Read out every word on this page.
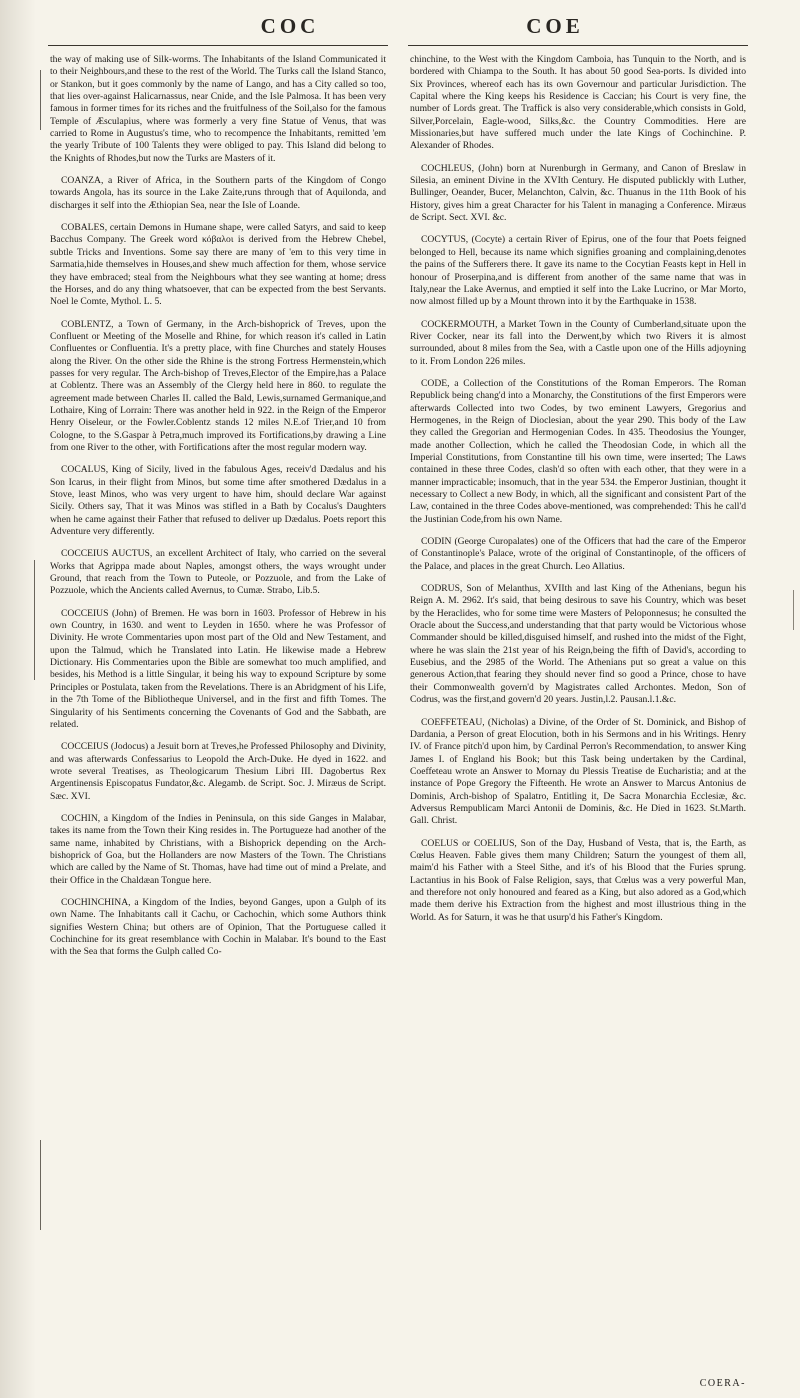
COC	COE

the way of making use of Silk-worms. The Inhabitants of the Island Communicated it to their Neighbours,and these to the rest of the World. The Turks call the Island Stanco, or Stankon, but it goes commonly by the name of Lango, and has a City called so too, that lies over-against Halicarnassus, near Cnide, and the Isle Palmosa. It has been very famous in former times for its riches and the fruitfulness of the Soil,also for the famous Temple of Æsculapius, where was formerly a very fine Statue of Venus, that was carried to Rome in Augustus's time, who to recompence the Inhabitants, remitted 'em the yearly Tribute of 100 Talents they were obliged to pay. This Island did belong to the Knights of Rhodes,but now the Turks are Masters of it.

COANZA, a River of Africa, in the Southern parts of the Kingdom of Congo towards Angola, has its source in the Lake Zaite,runs through that of Aquilonda, and discharges it self into the Æthiopian Sea, near the Isle of Loande.

COBALES, certain Demons in Humane shape, were called Satyrs, and said to keep Bacchus Company. The Greek word κόβαλοι is derived from the Hebrew Chebel, subtle Tricks and Inventions. Some say there are many of 'em to this very time in Sarmatia,hide themselves in Houses,and shew much affection for them, whose service they have embraced; steal from the Neighbours what they see wanting at home; dress the Horses, and do any thing whatsoever, that can be expected from the best Servants. Noel le Comte, Mythol. L. 5.

COBLENTZ, a Town of Germany, in the Arch-bishoprick of Treves, upon the Confluent or Meeting of the Moselle and Rhine, for which reason it's called in Latin Confluentes or Confluentia. It's a pretty place, with fine Churches and stately Houses along the River. On the other side the Rhine is the strong Fortress Hermenstein,which passes for very regular. The Arch-bishop of Treves,Elector of the Empire,has a Palace at Coblentz. There was an Assembly of the Clergy held here in 860. to regulate the agreement made between Charles II. called the Bald, Lewis,surnamed Germanique,and Lothaire, King of Lorrain: There was another held in 922. in the Reign of the Emperor Henry Oiseleur, or the Fowler.Coblentz stands 12 miles N.E.of Trier,and 10 from Cologne, to the S.Gaspar à Petra,much improved its Fortifications,by drawing a Line from one River to the other, with Fortifications after the most regular modern way.

COCALUS, King of Sicily, lived in the fabulous Ages, receiv'd Dædalus and his Son Icarus, in their flight from Minos, but some time after smothered Dædalus in a Stove, least Minos, who was very urgent to have him, should declare War against Sicily. Others say, That it was Minos was stifled in a Bath by Cocalus's Daughters when he came against their Father that refused to deliver up Dædalus. Poets report this Adventure very differently.

COCCEIUS AUCTUS, an excellent Architect of Italy, who carried on the several Works that Agrippa made about Naples, amongst others, the ways wrought under Ground, that reach from the Town to Puteole, or Pozzuole, and from the Lake of Pozzuole, which the Ancients called Avernus, to Cumæ. Strabo, Lib.5.

COCCEIUS (John) of Bremen. He was born in 1603. Professor of Hebrew in his own Country, in 1630. and went to Leyden in 1650. where he was Professor of Divinity. He wrote Commentaries upon most part of the Old and New Testament, and upon the Talmud, which he Translated into Latin. He likewise made a Hebrew Dictionary. His Commentaries upon the Bible are somewhat too much amplified, and besides, his Method is a little Singular, it being his way to expound Scripture by some Principles or Postulata, taken from the Revelations. There is an Abridgment of his Life, in the 7th Tome of the Bibliotheque Universel, and in the first and fifth Tomes. The Singularity of his Sentiments concerning the Covenants of God and the Sabbath, are related.

COCCEIUS (Jodocus) a Jesuit born at Treves,he Professed Philosophy and Divinity, and was afterwards Confessarius to Leopold the Arch-Duke. He dyed in 1622. and wrote several Treatises, as Theologicarum Thesium Libri III. Dagobertus Rex Argentinensis Episcopatus Fundator,&c. Alegamb. de Script. Soc. J. Miræus de Script. Sæc. XVI.

COCHIN, a Kingdom of the Indies in Peninsula, on this side Ganges in Malabar, takes its name from the Town their King resides in. The Portugueze had another of the same name, inhabited by Christians, with a Bishoprick depending on the Arch-bishoprick of Goa, but the Hollanders are now Masters of the Town. The Christians which are called by the Name of St. Thomas, have had time out of mind a Prelate, and their Office in the Chaldæan Tongue here.

COCHINCHINA, a Kingdom of the Indies, beyond Ganges, upon a Gulph of its own Name. The Inhabitants call it Cachu, or Cachochin, which some Authors think signifies Western China; but others are of Opinion, That the Portuguese called it Cochinchine for its great resemblance with Cochin in Malabar. It's bound to the East with the Sea that forms the Gulph called Co-

chinchine, to the West with the Kingdom Camboia, has Tunquin to the North, and is bordered with Chiampa to the South. It has about 50 good Sea-ports. Is divided into Six Provinces, whereof each has its own Governour and particular Jurisdiction. The Capital where the King keeps his Residence is Caccian; his Court is very fine, the number of Lords great. The Traffick is also very considerable,which consists in Gold, Silver,Porcelain, Eagle-wood, Silks,&c. the Country Commodities. Here are Missionaries,but have suffered much under the late Kings of Cochinchine. P. Alexander of Rhodes.

COCHLEUS, (John) born at Nurenburgh in Germany, and Canon of Breslaw in Silesia, an eminent Divine in the XVIth Century. He disputed publickly with Luther, Bullinger, Oeander, Bucer, Melanchton, Calvin, &c. Thuanus in the 11th Book of his History, gives him a great Character for his Talent in managing a Conference. Miræus de Script. Sect. XVI. &c.

COCYTUS, (Cocyte) a certain River of Epirus, one of the four that Poets feigned belonged to Hell, because its name which signifies groaning and complaining,denotes the pains of the Sufferers there. It gave its name to the Cocytian Feasts kept in Hell in honour of Proserpina,and is different from another of the same name that was in Italy,near the Lake Avernus, and emptied it self into the Lake Lucrino, or Mar Morto, now almost filled up by a Mount thrown into it by the Earthquake in 1538.

COCKERMOUTH, a Market Town in the County of Cumberland,situate upon the River Cocker, near its fall into the Derwent,by which two Rivers it is almost surrounded, about 8 miles from the Sea, with a Castle upon one of the Hills adjoyning to it. From London 226 miles.

CODE, a Collection of the Constitutions of the Roman Emperors. The Roman Republick being chang'd into a Monarchy, the Constitutions of the first Emperors were afterwards Collected into two Codes, by two eminent Lawyers, Gregorius and Hermogenes, in the Reign of Dioclesian, about the year 290. This body of the Law they called the Gregorian and Hermogenian Codes. In 435. Theodosius the Younger, made another Collection, which he called the Theodosian Code, in which all the Imperial Constitutions, from Constantine till his own time, were inserted; The Laws contained in these three Codes, clash'd so often with each other, that they were in a manner impracticable; insomuch, that in the year 534. the Emperor Justinian, thought it necessary to Collect a new Body, in which, all the significant and consistent Part of the Law, contained in the three Codes above-mentioned, was comprehended: This he call'd the Justinian Code,from his own Name.

CODIN (George Curopalates) one of the Officers that had the care of the Emperor of Constantinople's Palace, wrote of the original of Constantinople, of the officers of the Palace, and places in the great Church. Leo Allatius.

CODRUS, Son of Melanthus, XVIIth and last King of the Athenians, begun his Reign A. M. 2962. It's said, that being desirous to save his Country, which was beset by the Heraclides, who for some time were Masters of Peloponnesus; he consulted the Oracle about the Success,and understanding that that party would be Victorious whose Commander should be killed,disguised himself, and rushed into the midst of the Fight, where he was slain the 21st year of his Reign,being the fifth of David's, according to Eusebius, and the 2985 of the World. The Athenians put so great a value on this generous Action,that fearing they should never find so good a Prince, chose to have their Commonwealth govern'd by Magistrates called Archontes. Medon, Son of Codrus, was the first,and govern'd 20 years. Justin,l.2. Pausan.l.1.&c.

COEFFETEAU, (Nicholas) a Divine, of the Order of St. Dominick, and Bishop of Dardania, a Person of great Elocution, both in his Sermons and in his Writings. Henry IV. of France pitch'd upon him, by Cardinal Perron's Recommendation, to answer King James I. of England his Book; but this Task being undertaken by the Cardinal, Coeffeteau wrote an Answer to Mornay du Plessis Treatise de Eucharistia; and at the instance of Pope Gregory the Fifteenth. He wrote an Answer to Marcus Antonius de Dominis, Arch-bishop of Spalatro, Entitling it, De Sacra Monarchia Ecclesiæ, &c. Adversus Rempublicam Marci Antonii de Dominis, &c. He Died in 1623. St.Marth. Gall. Christ.

COELUS or COELIUS, Son of the Day, Husband of Vesta, that is, the Earth, as Cœlus Heaven. Fable gives them many Children; Saturn the youngest of them all, maim'd his Father with a Steel Sithe, and it's of his Blood that the Furies sprung. Lactantius in his Book of False Religion, says, that Cœlus was a very powerful Man, and therefore not only honoured and feared as a King, but also adored as a God,which made them derive his Extraction from the highest and most illustrious thing in the World. As for Saturn, it was he that usurp'd his Father's Kingdom.

COERA-
